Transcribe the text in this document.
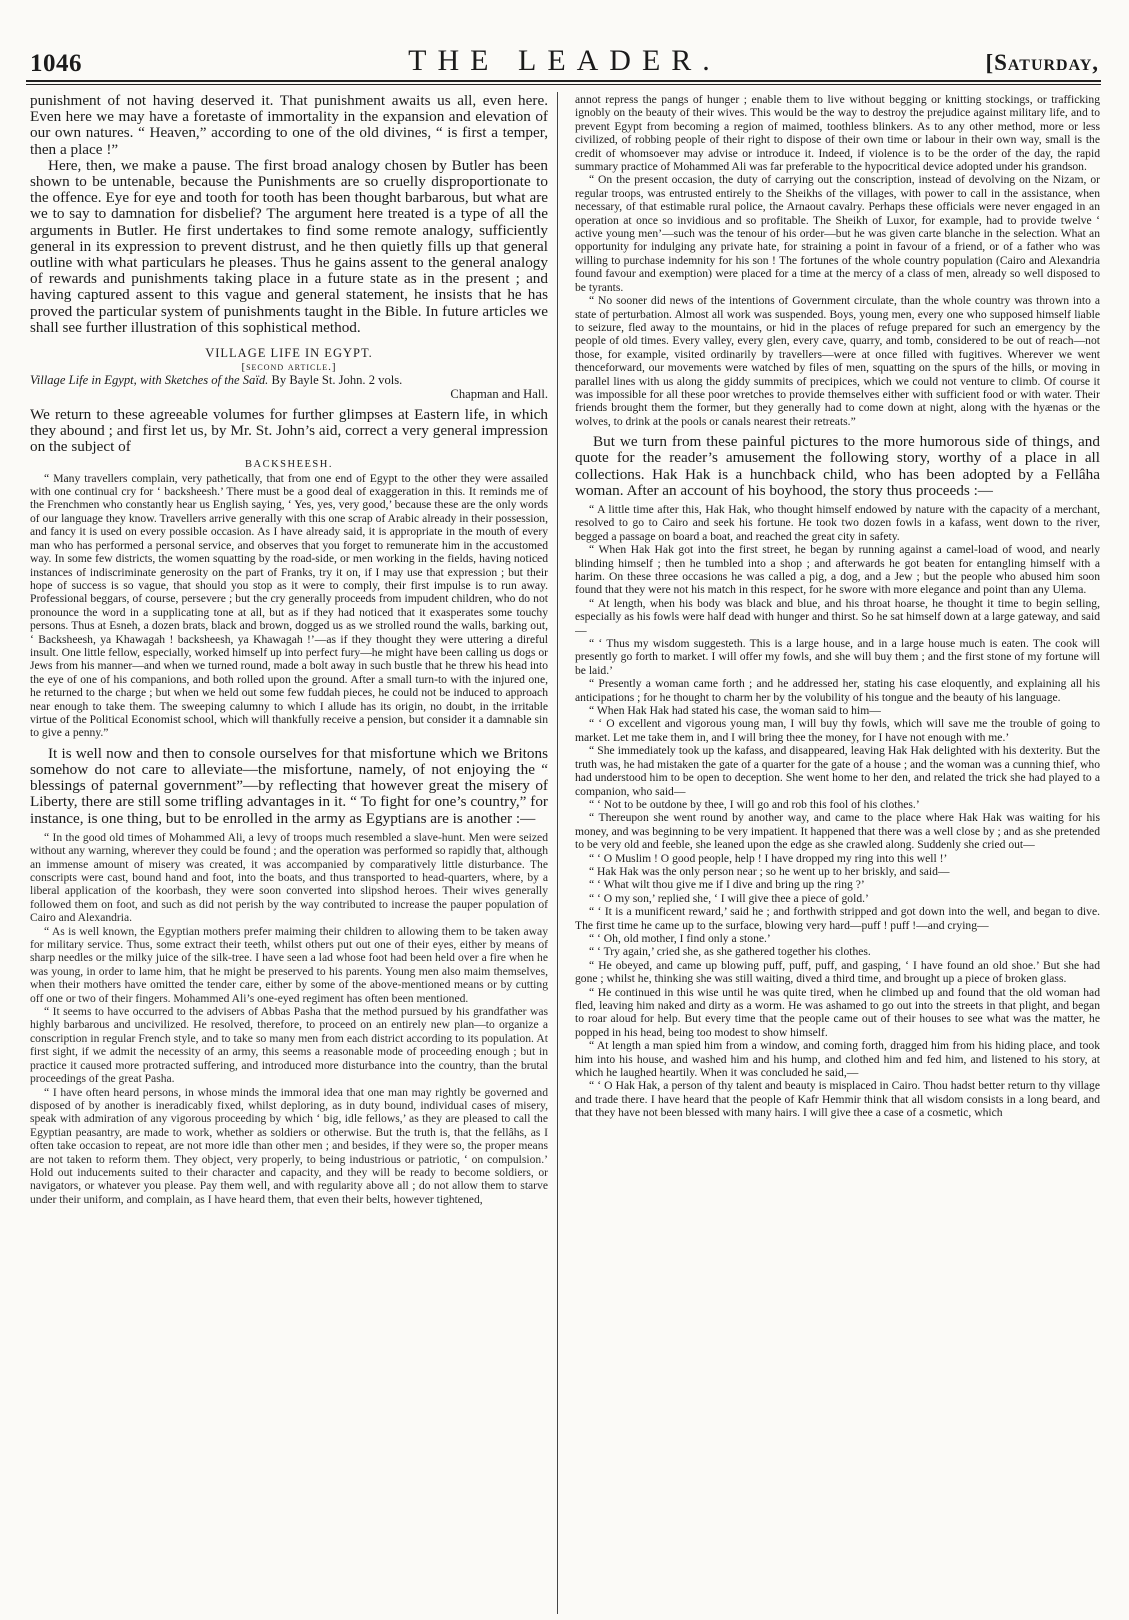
1046	THE LEADER.	[Saturday,

punishment of not having deserved it. That punishment awaits us all, even here. Even here we may have a foretaste of immortality in the expansion and elevation of our own natures. “ Heaven,” according to one of the old divines, “ is first a temper, then a place !”

Here, then, we make a pause. The first broad analogy chosen by Butler has been shown to be untenable, because the Punishments are so cruelly disproportionate to the offence. Eye for eye and tooth for tooth has been thought barbarous, but what are we to say to damnation for disbelief? The argument here treated is a type of all the arguments in Butler. He first undertakes to find some remote analogy, sufficiently general in its expression to prevent distrust, and he then quietly fills up that general outline with what particulars he pleases. Thus he gains assent to the general analogy of rewards and punishments taking place in a future state as in the present ; and having captured assent to this vague and general statement, he insists that he has proved the particular system of punishments taught in the Bible. In future articles we shall see further illustration of this sophistical method.

VILLAGE LIFE IN EGYPT.

[second article.]

Village Life in Egypt, with Sketches of the Saïd. By Bayle St. John. 2 vols.
Chapman and Hall.

We return to these agreeable volumes for further glimpses at Eastern life, in which they abound ; and first let us, by Mr. St. John’s aid, correct a very general impression on the subject of

BACKSHEESH.

“ Many travellers complain, very pathetically, that from one end of Egypt to the other they were assailed with one continual cry for ‘ backsheesh.’ There must be a good deal of exaggeration in this. It reminds me of the Frenchmen who constantly hear us English saying, ‘ Yes, yes, very good,’ because these are the only words of our language they know. Travellers arrive generally with this one scrap of Arabic already in their possession, and fancy it is used on every possible occasion. As I have already said, it is appropriate in the mouth of every man who has performed a personal service, and observes that you forget to remunerate him in the accustomed way. In some few districts, the women squatting by the road-side, or men working in the fields, having noticed instances of indiscriminate generosity on the part of Franks, try it on, if I may use that expression ; but their hope of success is so vague, that should you stop as it were to comply, their first impulse is to run away. Professional beggars, of course, persevere ; but the cry generally proceeds from impudent children, who do not pronounce the word in a supplicating tone at all, but as if they had noticed that it exasperates some touchy persons. Thus at Esneh, a dozen brats, black and brown, dogged us as we strolled round the walls, barking out, ‘ Backsheesh, ya Khawagah ! backsheesh, ya Khawagah !’—as if they thought they were uttering a direful insult. One little fellow, especially, worked himself up into perfect fury—he might have been calling us dogs or Jews from his manner—and when we turned round, made a bolt away in such bustle that he threw his head into the eye of one of his companions, and both rolled upon the ground. After a small turn-to with the injured one, he returned to the charge ; but when we held out some few fuddah pieces, he could not be induced to approach near enough to take them. The sweeping calumny to which I allude has its origin, no doubt, in the irritable virtue of the Political Economist school, which will thankfully receive a pension, but consider it a damnable sin to give a penny.”

It is well now and then to console ourselves for that misfortune which we Britons somehow do not care to alleviate—the misfortune, namely, of not enjoying the “ blessings of paternal government”—by reflecting that however great the misery of Liberty, there are still some trifling advantages in it. “ To fight for one’s country,” for instance, is one thing, but to be enrolled in the army as Egyptians are is another :—

“ In the good old times of Mohammed Ali, a levy of troops much resembled a slave-hunt. Men were seized without any warning, wherever they could be found ; and the operation was performed so rapidly that, although an immense amount of misery was created, it was accompanied by comparatively little disturbance. The conscripts were cast, bound hand and foot, into the boats, and thus transported to head-quarters, where, by a liberal application of the koorbash, they were soon converted into slipshod heroes. Their wives generally followed them on foot, and such as did not perish by the way contributed to increase the pauper population of Cairo and Alexandria.

“ As is well known, the Egyptian mothers prefer maiming their children to allowing them to be taken away for military service. Thus, some extract their teeth, whilst others put out one of their eyes, either by means of sharp needles or the milky juice of the silk-tree. I have seen a lad whose foot had been held over a fire when he was young, in order to lame him, that he might be preserved to his parents. Young men also maim themselves, when their mothers have omitted the tender care, either by some of the above-mentioned means or by cutting off one or two of their fingers. Mohammed Ali’s one-eyed regiment has often been mentioned.

“ It seems to have occurred to the advisers of Abbas Pasha that the method pursued by his grandfather was highly barbarous and uncivilized. He resolved, therefore, to proceed on an entirely new plan—to organize a conscription in regular French style, and to take so many men from each district according to its population. At first sight, if we admit the necessity of an army, this seems a reasonable mode of proceeding enough ; but in practice it caused more protracted suffering, and introduced more disturbance into the country, than the brutal proceedings of the great Pasha.

“ I have often heard persons, in whose minds the immoral idea that one man may rightly be governed and disposed of by another is ineradicably fixed, whilst deploring, as in duty bound, individual cases of misery, speak with admiration of any vigorous proceeding by which ‘ big, idle fellows,’ as they are pleased to call the Egyptian peasantry, are made to work, whether as soldiers or otherwise. But the truth is, that the fellâhs, as I often take occasion to repeat, are not more idle than other men ; and besides, if they were so, the proper means are not taken to reform them. They object, very properly, to being industrious or patriotic, ‘ on compulsion.’ Hold out inducements suited to their character and capacity, and they will be ready to become soldiers, or navigators, or whatever you please. Pay them well, and with regularity above all ; do not allow them to starve under their uniform, and complain, as I have heard them, that even their belts, however tightened,

annot repress the pangs of hunger ; enable them to live without begging or knitting stockings, or trafficking ignobly on the beauty of their wives. This would be the way to destroy the prejudice against military life, and to prevent Egypt from becoming a region of maimed, toothless blinkers. As to any other method, more or less civilized, of robbing people of their right to dispose of their own time or labour in their own way, small is the credit of whomsoever may advise or introduce it. Indeed, if violence is to be the order of the day, the rapid summary practice of Mohammed Ali was far preferable to the hypocritical device adopted under his grandson.

“ On the present occasion, the duty of carrying out the conscription, instead of devolving on the Nizam, or regular troops, was entrusted entirely to the Sheikhs of the villages, with power to call in the assistance, when necessary, of that estimable rural police, the Arnaout cavalry. Perhaps these officials were never engaged in an operation at once so invidious and so profitable. The Sheikh of Luxor, for example, had to provide twelve ‘ active young men’—such was the tenour of his order—but he was given carte blanche in the selection. What an opportunity for indulging any private hate, for straining a point in favour of a friend, or of a father who was willing to purchase indemnity for his son ! The fortunes of the whole country population (Cairo and Alexandria found favour and exemption) were placed for a time at the mercy of a class of men, already so well disposed to be tyrants.

“ No sooner did news of the intentions of Government circulate, than the whole country was thrown into a state of perturbation. Almost all work was suspended. Boys, young men, every one who supposed himself liable to seizure, fled away to the mountains, or hid in the places of refuge prepared for such an emergency by the people of old times. Every valley, every glen, every cave, quarry, and tomb, considered to be out of reach—not those, for example, visited ordinarily by travellers—were at once filled with fugitives. Wherever we went thenceforward, our movements were watched by files of men, squatting on the spurs of the hills, or moving in parallel lines with us along the giddy summits of precipices, which we could not venture to climb. Of course it was impossible for all these poor wretches to provide themselves either with sufficient food or with water. Their friends brought them the former, but they generally had to come down at night, along with the hyænas or the wolves, to drink at the pools or canals nearest their retreats.”

But we turn from these painful pictures to the more humorous side of things, and quote for the reader’s amusement the following story, worthy of a place in all collections. Hak Hak is a hunchback child, who has been adopted by a Fellâha woman. After an account of his boyhood, the story thus proceeds :—

“ A little time after this, Hak Hak, who thought himself endowed by nature with the capacity of a merchant, resolved to go to Cairo and seek his fortune. He took two dozen fowls in a kafass, went down to the river, begged a passage on board a boat, and reached the great city in safety.

“ When Hak Hak got into the first street, he began by running against a camel-load of wood, and nearly blinding himself ; then he tumbled into a shop ; and afterwards he got beaten for entangling himself with a harim. On these three occasions he was called a pig, a dog, and a Jew ; but the people who abused him soon found that they were not his match in this respect, for he swore with more elegance and point than any Ulema.

“ At length, when his body was black and blue, and his throat hoarse, he thought it time to begin selling, especially as his fowls were half dead with hunger and thirst. So he sat himself down at a large gateway, and said—

“ ‘ Thus my wisdom suggesteth. This is a large house, and in a large house much is eaten. The cook will presently go forth to market. I will offer my fowls, and she will buy them ; and the first stone of my fortune will be laid.’

“ Presently a woman came forth ; and he addressed her, stating his case eloquently, and explaining all his anticipations ; for he thought to charm her by the volubility of his tongue and the beauty of his language.

“ When Hak Hak had stated his case, the woman said to him—

“ ‘ O excellent and vigorous young man, I will buy thy fowls, which will save me the trouble of going to market. Let me take them in, and I will bring thee the money, for I have not enough with me.’

“ She immediately took up the kafass, and disappeared, leaving Hak Hak delighted with his dexterity. But the truth was, he had mistaken the gate of a quarter for the gate of a house ; and the woman was a cunning thief, who had understood him to be open to deception. She went home to her den, and related the trick she had played to a companion, who said—

“ ‘ Not to be outdone by thee, I will go and rob this fool of his clothes.’

“ Thereupon she went round by another way, and came to the place where Hak Hak was waiting for his money, and was beginning to be very impatient. It happened that there was a well close by ; and as she pretended to be very old and feeble, she leaned upon the edge as she crawled along. Suddenly she cried out—

“ ‘ O Muslim ! O good people, help ! I have dropped my ring into this well !’

“ Hak Hak was the only person near ; so he went up to her briskly, and said—

“ ‘ What wilt thou give me if I dive and bring up the ring ?’

“ ‘ O my son,’ replied she, ‘ I will give thee a piece of gold.’

“ ‘ It is a munificent reward,’ said he ; and forthwith stripped and got down into the well, and began to dive. The first time he came up to the surface, blowing very hard—puff ! puff !—and crying—

“ ‘ Oh, old mother, I find only a stone.’

“ ‘ Try again,’ cried she, as she gathered together his clothes.

“ He obeyed, and came up blowing puff, puff, puff, and gasping, ‘ I have found an old shoe.’ But she had gone ; whilst he, thinking she was still waiting, dived a third time, and brought up a piece of broken glass.

“ He continued in this wise until he was quite tired, when he climbed up and found that the old woman had fled, leaving him naked and dirty as a worm. He was ashamed to go out into the streets in that plight, and began to roar aloud for help. But every time that the people came out of their houses to see what was the matter, he popped in his head, being too modest to show himself.

“ At length a man spied him from a window, and coming forth, dragged him from his hiding place, and took him into his house, and washed him and his hump, and clothed him and fed him, and listened to his story, at which he laughed heartily. When it was concluded he said,—

“ ‘ O Hak Hak, a person of thy talent and beauty is misplaced in Cairo. Thou hadst better return to thy village and trade there. I have heard that the people of Kafr Hemmir think that all wisdom consists in a long beard, and that they have not been blessed with many hairs. I will give thee a case of a cosmetic, which
